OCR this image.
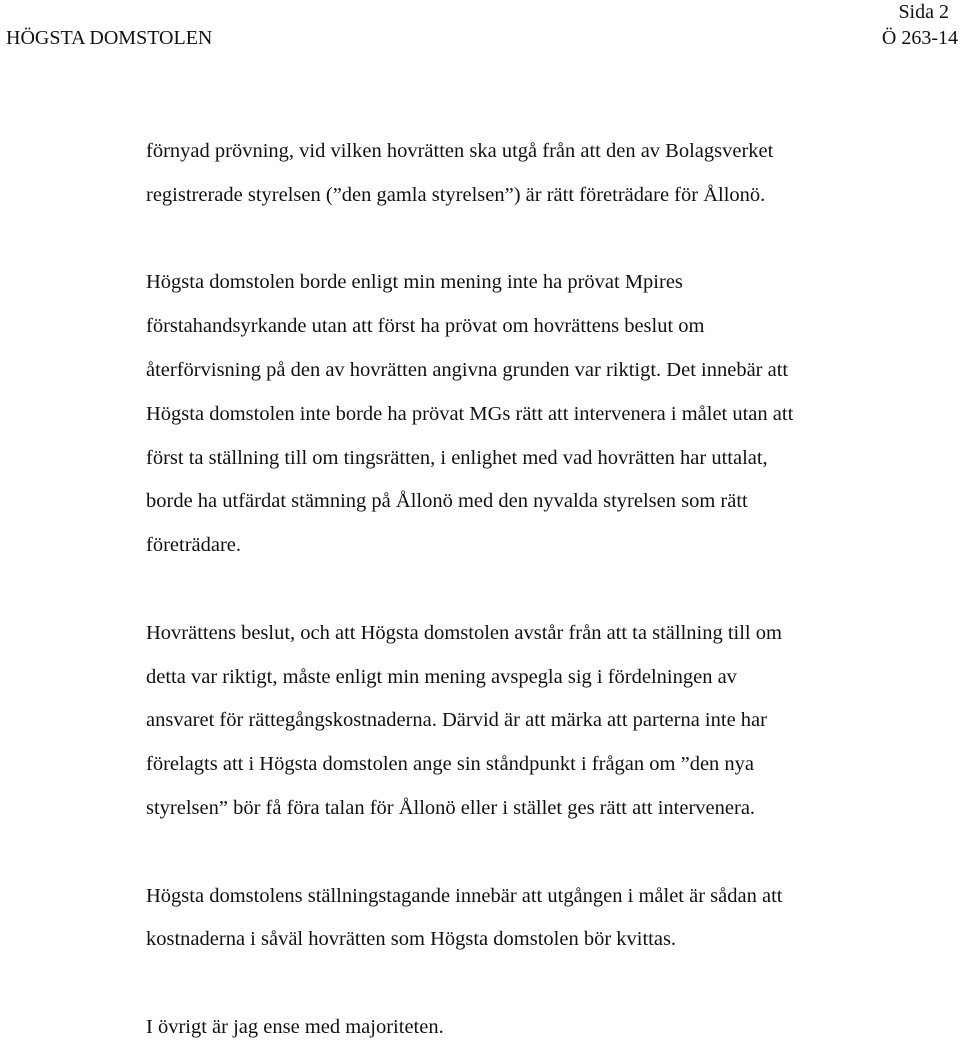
HÖGSTA DOMSTOLEN
Sida 2
Ö 263-14

förnyad prövning, vid vilken hovrätten ska utgå från att den av Bolagsverket
registrerade styrelsen (”den gamla styrelsen”) är rätt företrädare för Ållonö.

Högsta domstolen borde enligt min mening inte ha prövat Mpires
förstahandsyrkande utan att först ha prövat om hovrättens beslut om
återförvisning på den av hovrätten angivna grunden var riktigt. Det innebär att
Högsta domstolen inte borde ha prövat MGs rätt att intervenera i målet utan att
först ta ställning till om tingsrätten, i enlighet med vad hovrätten har uttalat,
borde ha utfärdat stämning på Ållonö med den nyvalda styrelsen som rätt
företrädare.

Hovrättens beslut, och att Högsta domstolen avstår från att ta ställning till om
detta var riktigt, måste enligt min mening avspegla sig i fördelningen av
ansvaret för rättegångskostnaderna. Därvid är att märka att parterna inte har
förelagts att i Högsta domstolen ange sin ståndpunkt i frågan om ”den nya
styrelsen” bör få föra talan för Ållonö eller i stället ges rätt att intervenera.

Högsta domstolens ställningstagande innebär att utgången i målet är sådan att
kostnaderna i såväl hovrätten som Högsta domstolen bör kvittas.

I övrigt är jag ense med majoriteten.
